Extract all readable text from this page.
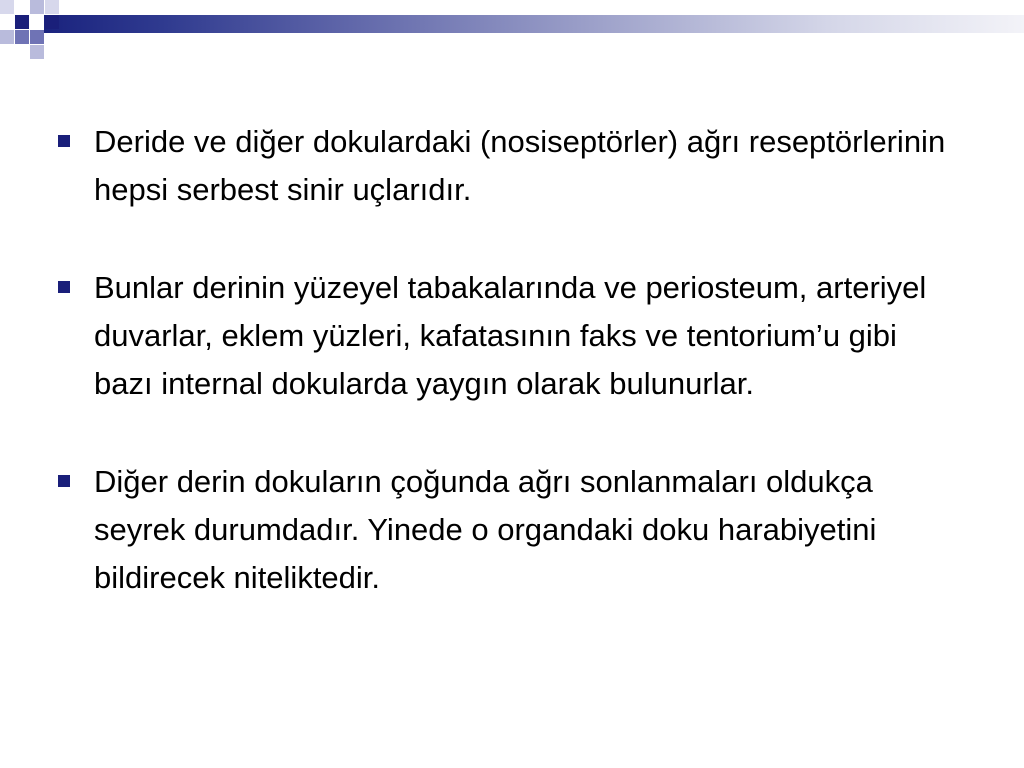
Deride ve diğer dokulardaki (nosiseptörler) ağrı reseptörlerinin hepsi serbest sinir uçlarıdır.
Bunlar derinin yüzeyel tabakalarında ve periosteum, arteriyel duvarlar, eklem yüzleri, kafatasının faks ve tentorium’u gibi bazı internal dokularda yaygın olarak bulunurlar.
Diğer derin dokuların çoğunda ağrı sonlanmaları oldukça seyrek durumdadır. Yinede o organdaki doku harabiyetini bildirecek niteliktedir.
